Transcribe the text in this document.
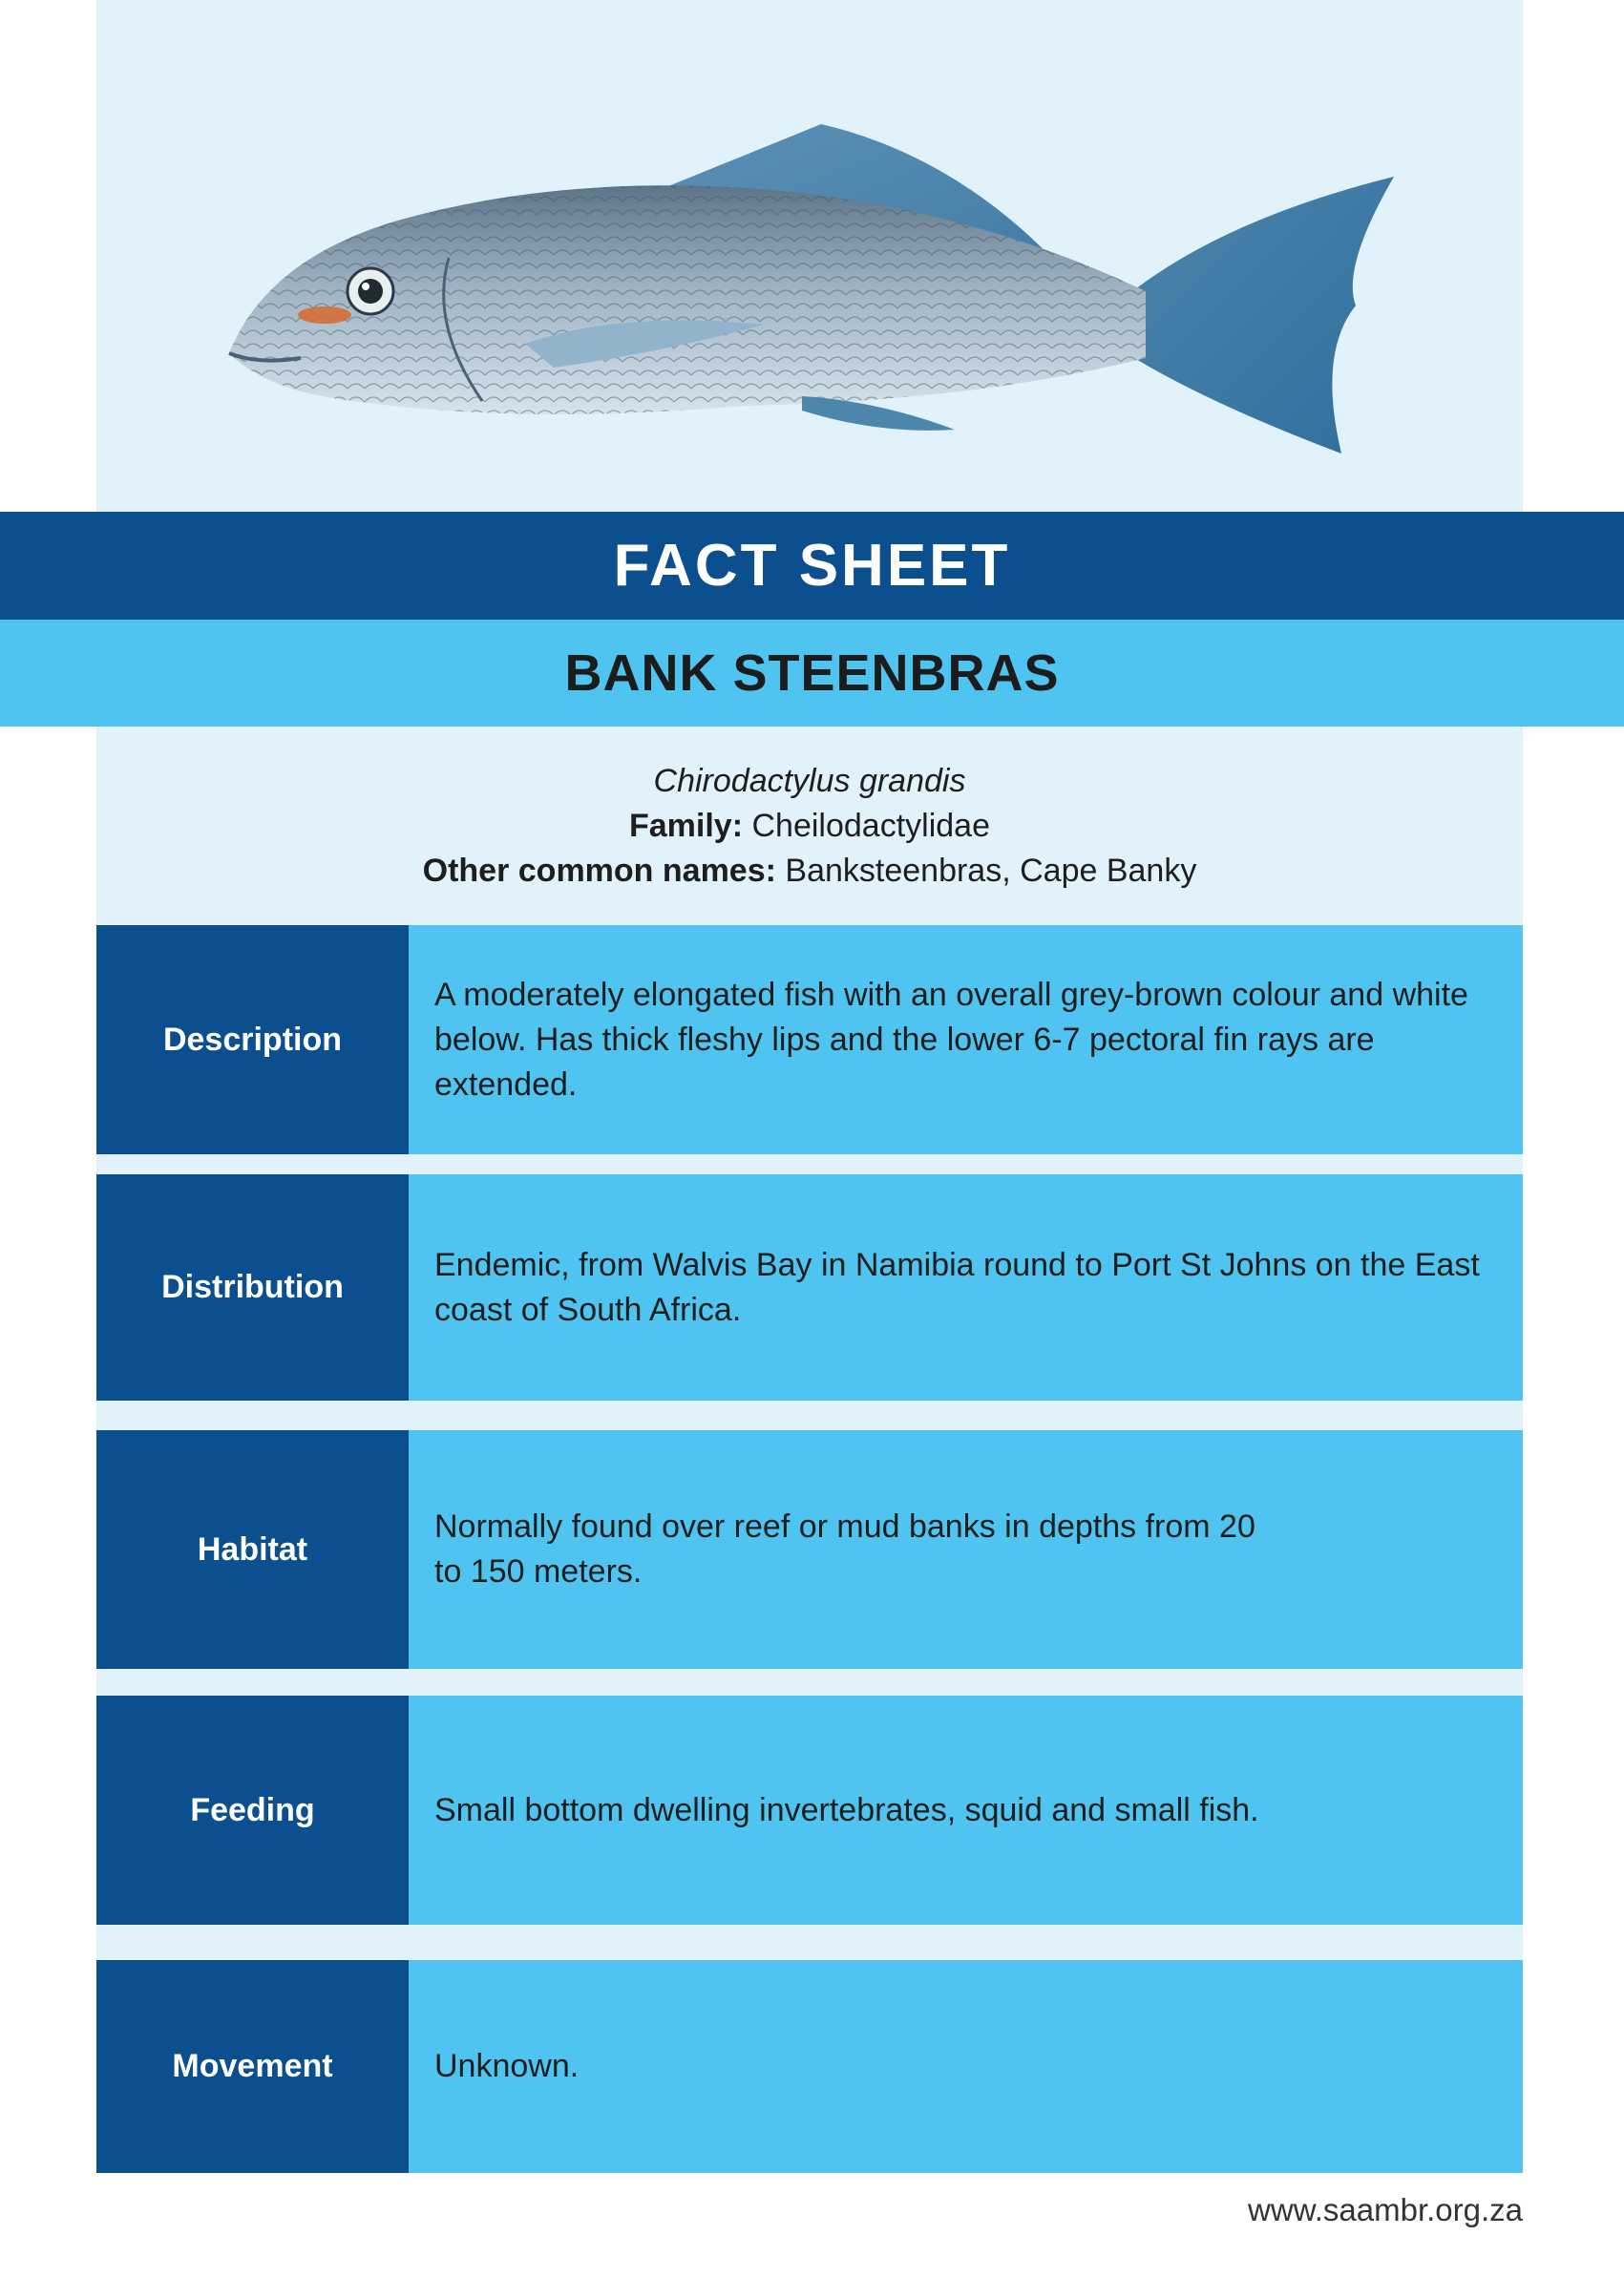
FACT SHEET
BANK STEENBRAS
Chirodactylus grandis
Family: Cheilodactylidae
Other common names: Banksteenbras, Cape Banky
Description
A moderately elongated fish with an overall grey-brown colour and white below. Has thick fleshy lips and the lower 6-7 pectoral fin rays are extended.
Distribution
Endemic, from Walvis Bay in Namibia round to Port St Johns on the East coast of South Africa.
Habitat
Normally found over reef or mud banks in depths from 20 to 150 meters.
Feeding	Small bottom dwelling invertebrates, squid and small fish.
Movement	Unknown.
www.saambr.org.za
